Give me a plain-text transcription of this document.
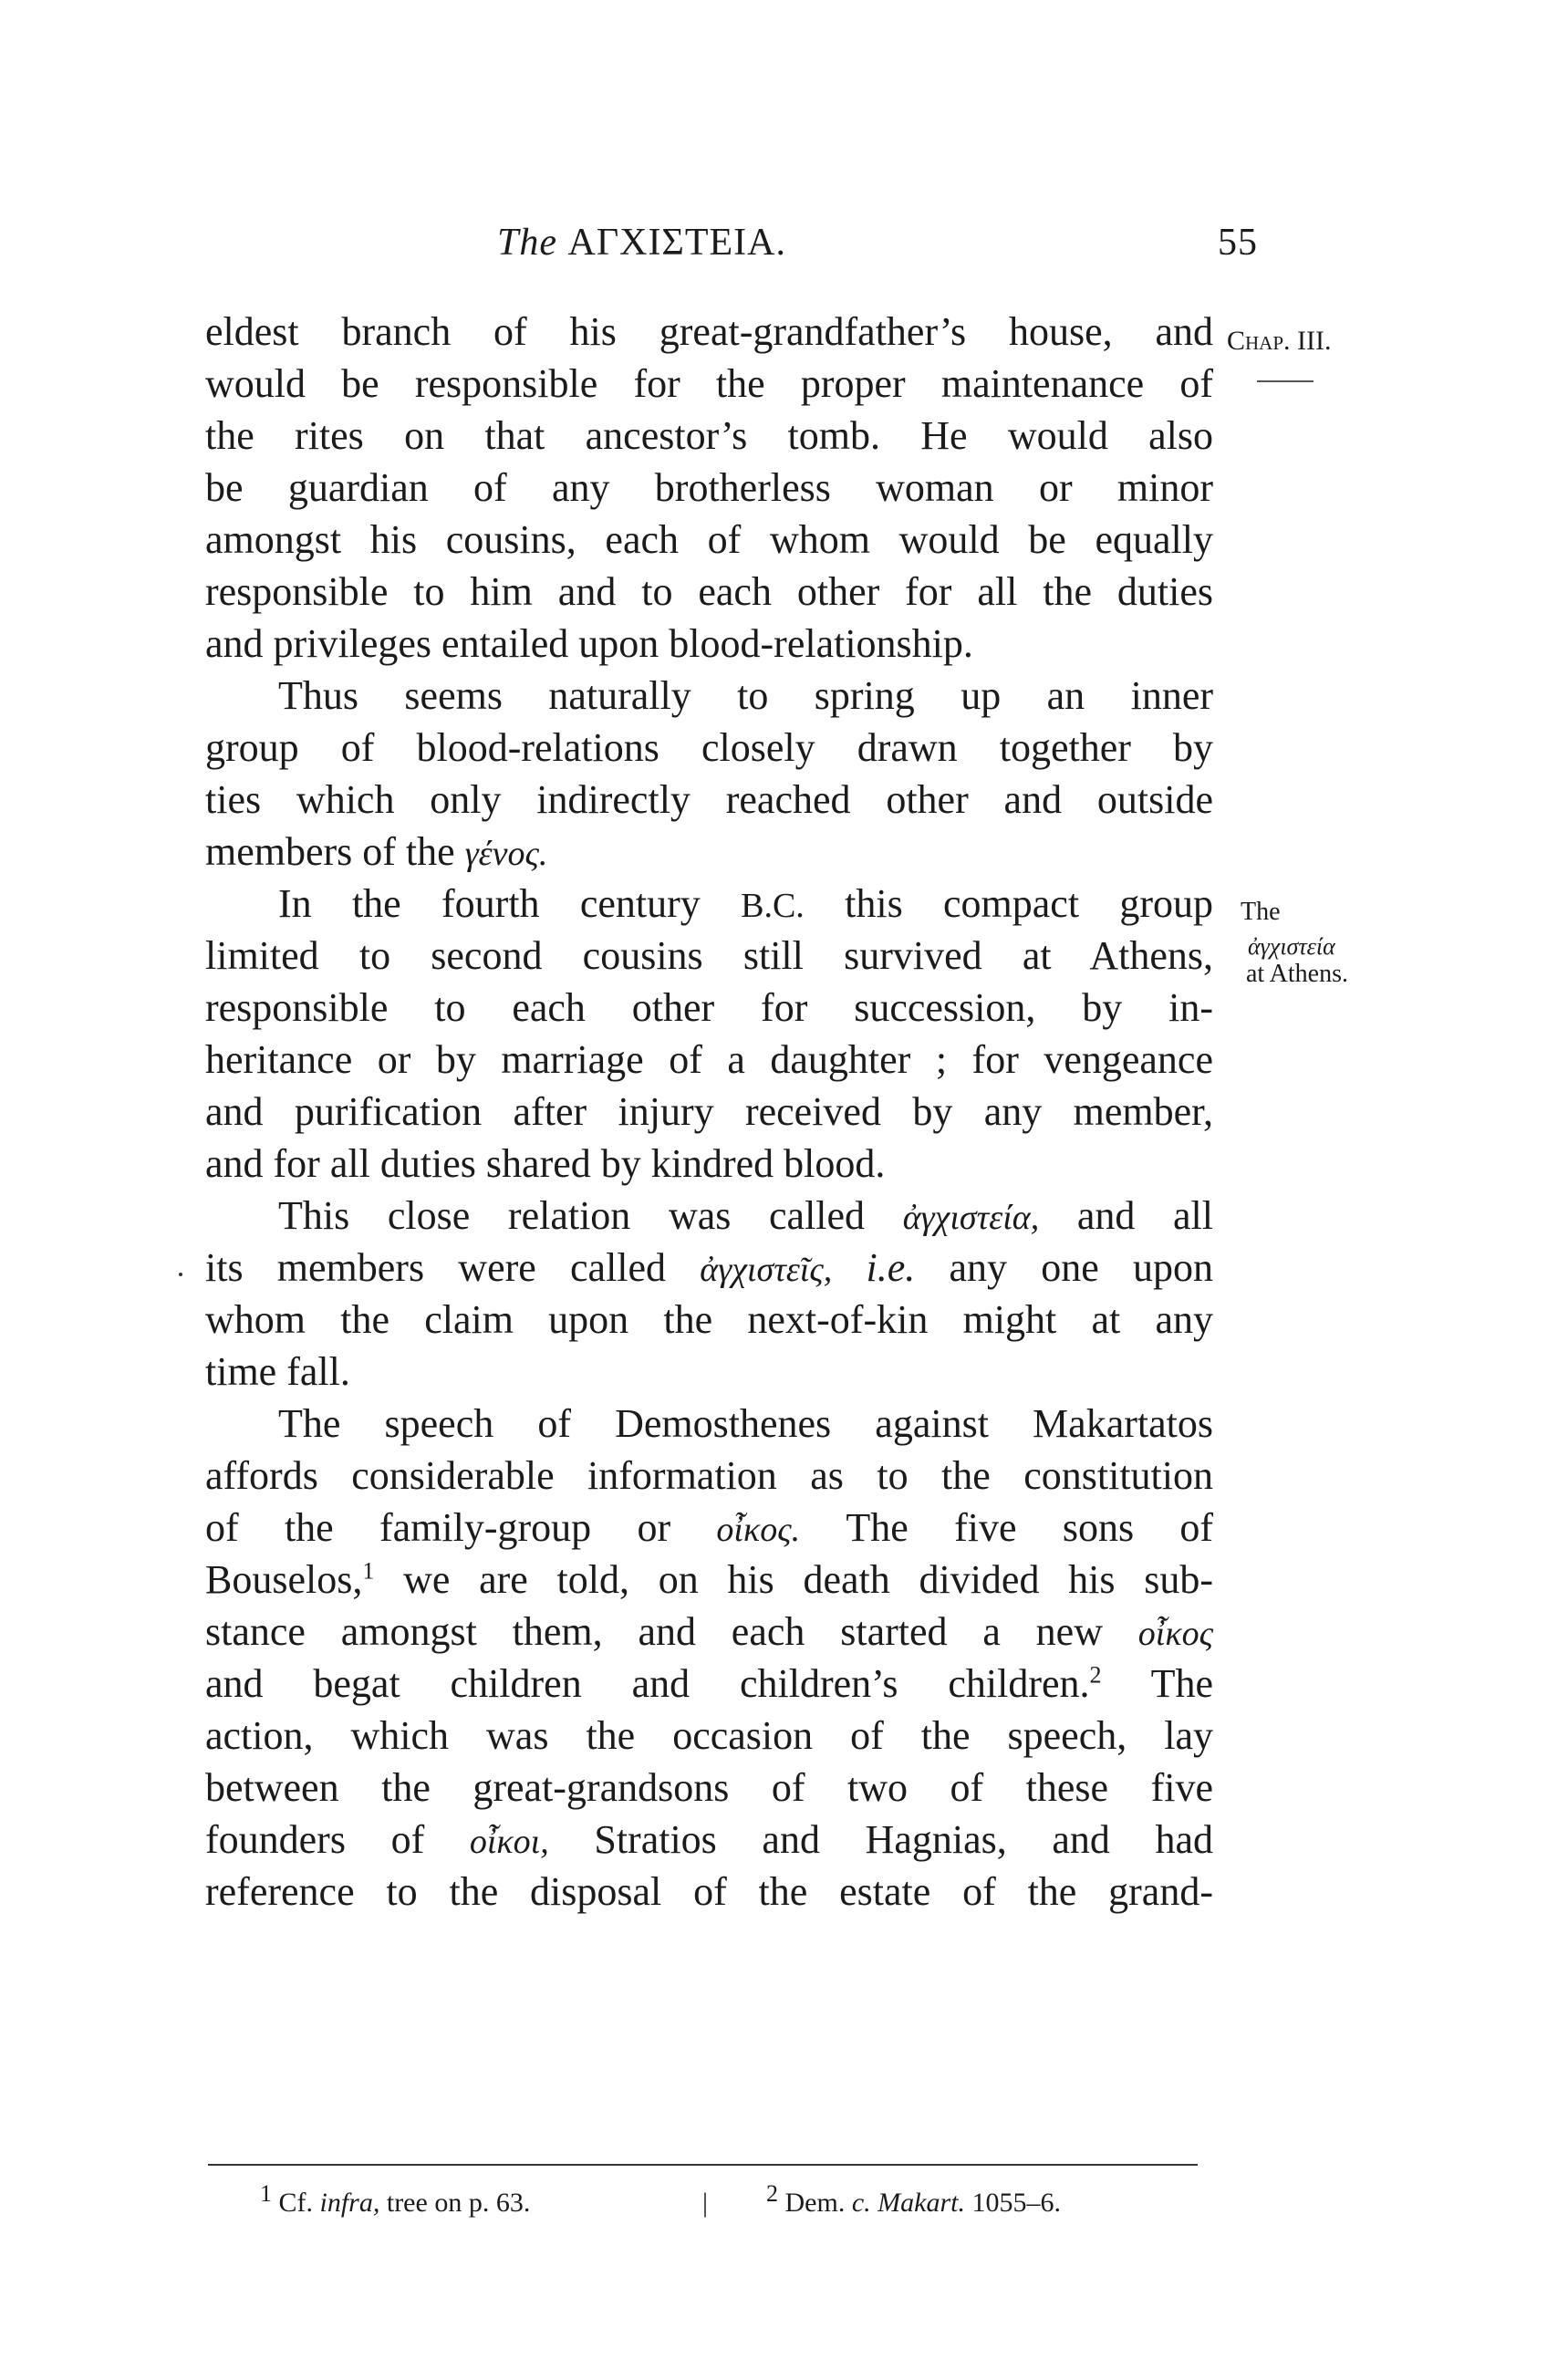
The ΑΓΧΙΣΤΕΙΑ.	55
Chap. III.
The
ἀγχιστεία
at Athens.
eldest branch of his great-grandfather’s house, and
would be responsible for the proper maintenance of
the rites on that ancestor’s tomb. He would also
be guardian of any brotherless woman or minor
amongst his cousins, each of whom would be equally
responsible to him and to each other for all the duties
and privileges entailed upon blood-relationship.
Thus seems naturally to spring up an inner
group of blood-relations closely drawn together by
ties which only indirectly reached other and outside
members of the γένος.
In the fourth century B.C. this compact group
limited to second cousins still survived at Athens,
responsible to each other for succession, by in-
heritance or by marriage of a daughter ; for vengeance
and purification after injury received by any member,
and for all duties shared by kindred blood.
This close relation was called ἀγχιστεία, and all
its members were called ἀγχιστεῖς, i.e. any one upon
whom the claim upon the next-of-kin might at any
time fall.
The speech of Demosthenes against Makartatos
affords considerable information as to the constitution
of the family-group or οἶκος. The five sons of
Bouselos,$^1$ we are told, on his death divided his sub-
stance amongst them, and each started a new οἶκος
and begat children and children’s children.$^2$ The
action, which was the occasion of the speech, lay
between the great-grandsons of two of these five
founders of οἶκοι, Stratios and Hagnias, and had
reference to the disposal of the estate of the grand-
$^1$ Cf. infra, tree on p. 63.	| $^2$ Dem. c. Makart. 1055–6.
